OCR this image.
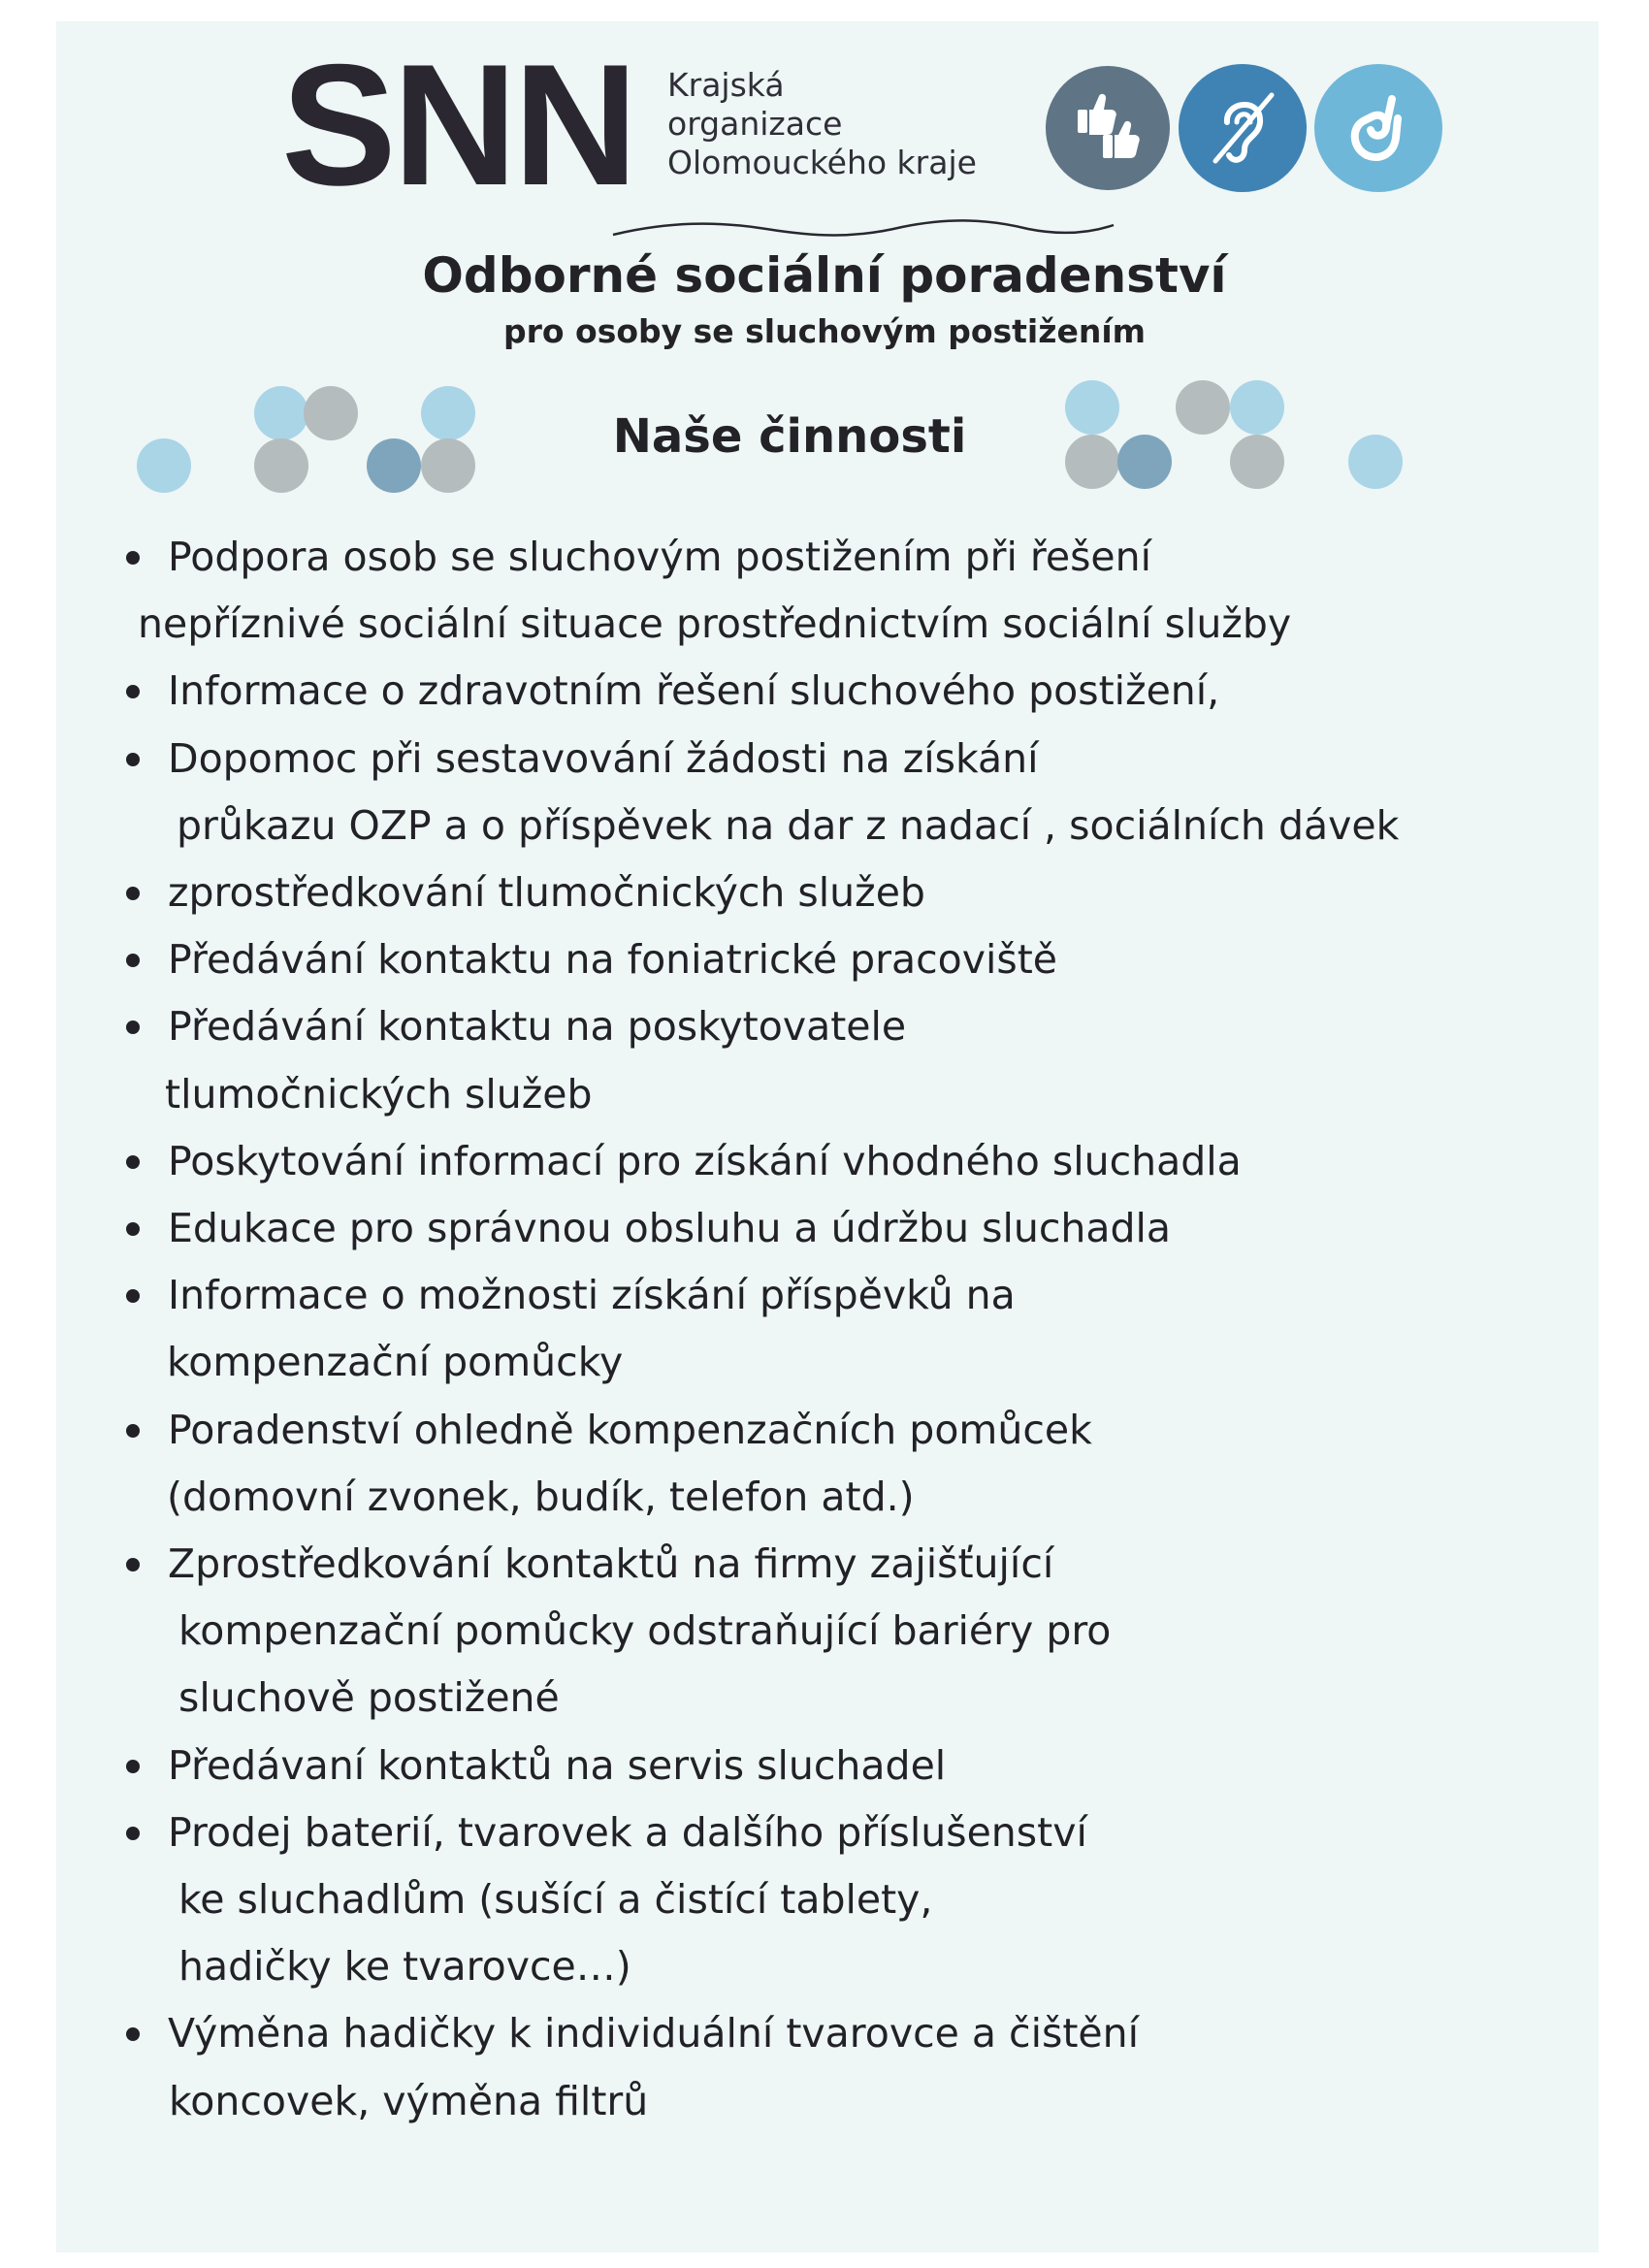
SNN Krajská
organizace
Olomouckého kraje
Odborné sociální poradenství
pro osoby se sluchovým postižením
Naše činnosti
Podpora osob se sluchovým postižením při řešení
nepříznivé sociální situace prostřednictvím sociální služby
Informace o zdravotním řešení sluchového postižení,
Dopomoc při sestavování žádosti na získání
průkazu OZP a o příspěvek na dar z nadací , sociálních dávek
zprostředkování tlumočnických služeb
Předávání kontaktu na foniatrické pracoviště
Předávání kontaktu na poskytovatele
tlumočnických služeb
Poskytování informací pro získání vhodného sluchadla
Edukace pro správnou obsluhu a údržbu sluchadla
Informace o možnosti získání příspěvků na
kompenzační pomůcky
Poradenství ohledně kompenzačních pomůcek
(domovní zvonek, budík, telefon atd.)
Zprostředkování kontaktů na firmy zajišťující
kompenzační pomůcky odstraňující bariéry pro
sluchově postižené
Předávaní kontaktů na servis sluchadel
Prodej baterií, tvarovek a dalšího příslušenství
ke sluchadlům (sušící a čistící tablety,
hadičky ke tvarovce…)
Výměna hadičky k individuální tvarovce a čištění
koncovek, výměna filtrů
